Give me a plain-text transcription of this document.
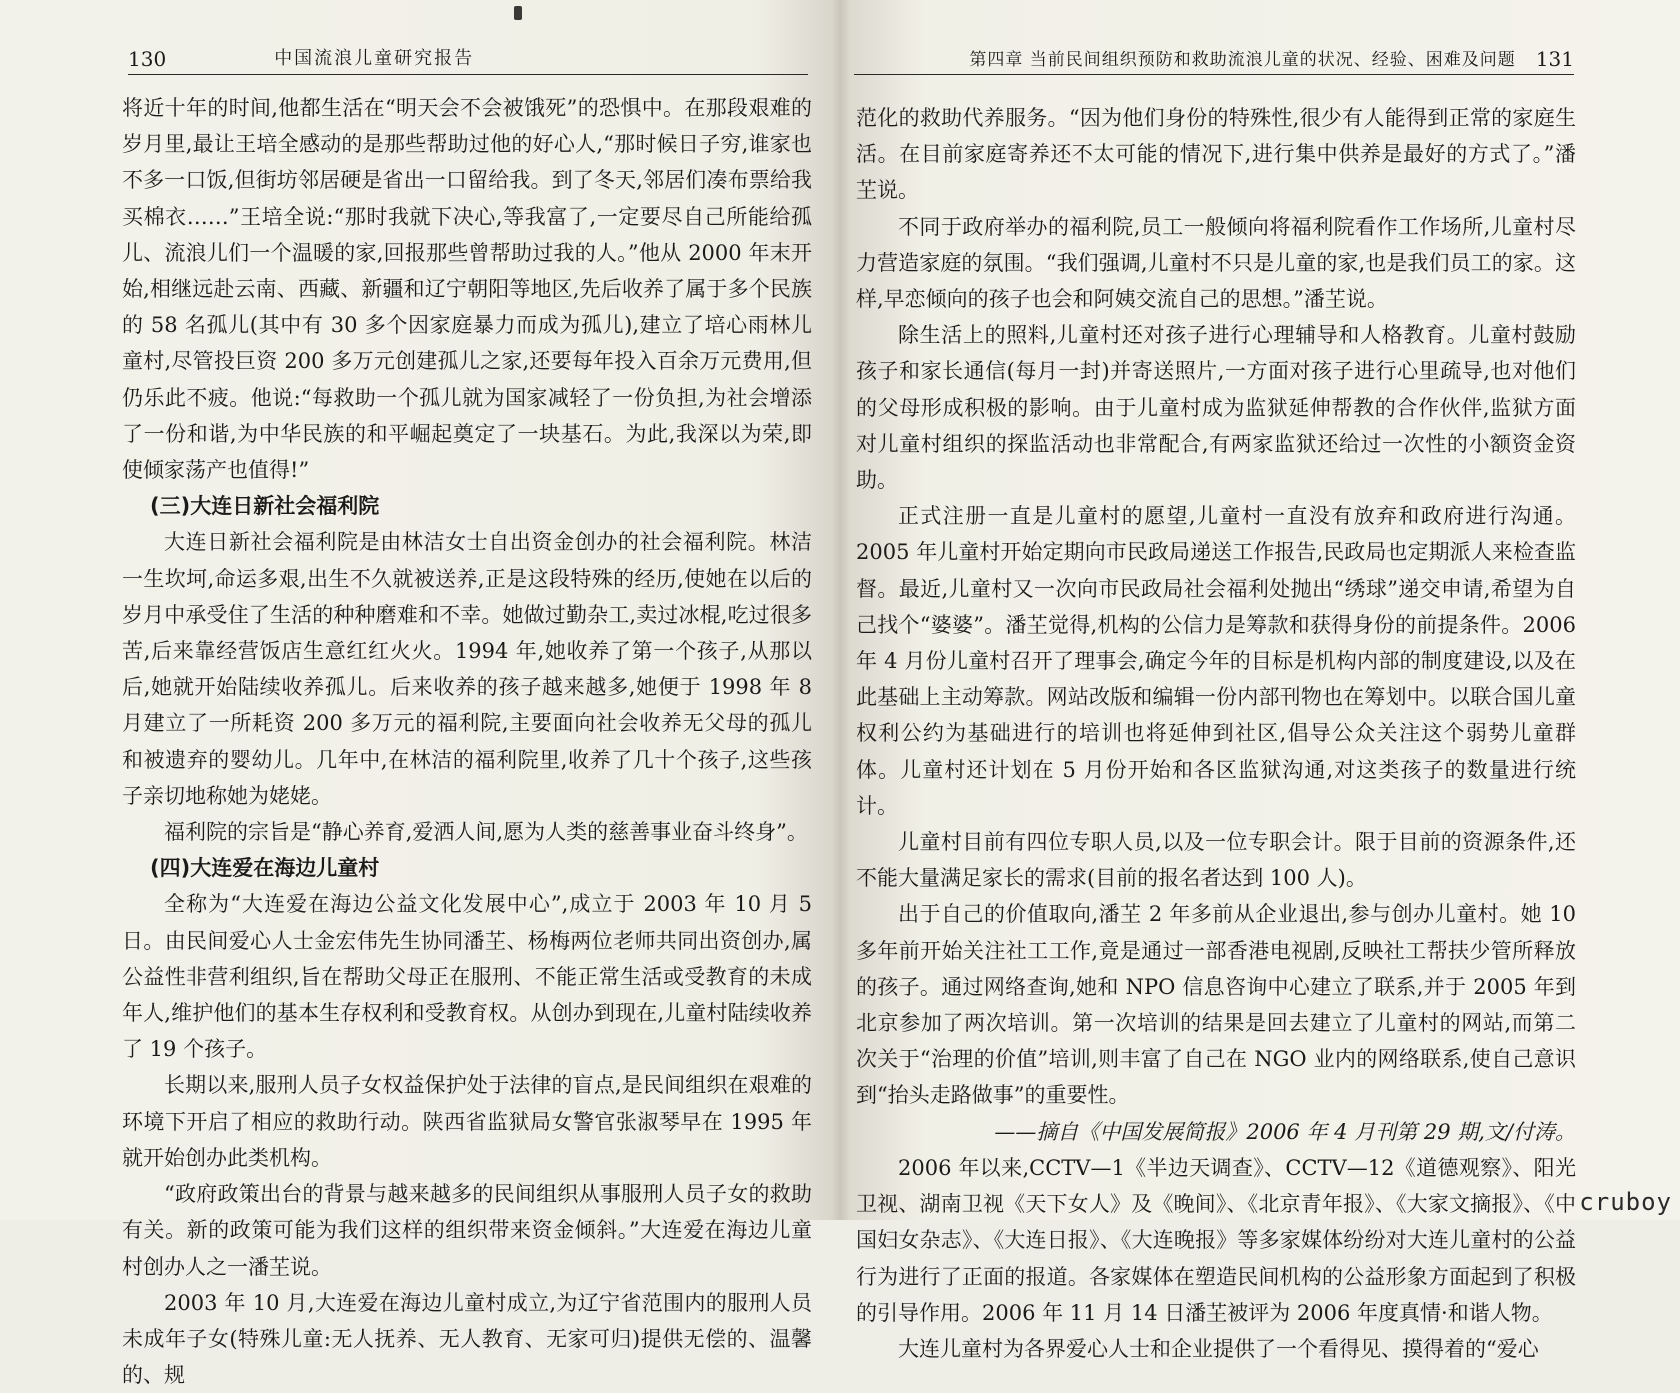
130	中国流浪儿童研究报告

将近十年的时间,他都生活在“明天会不会被饿死”的恐惧中。在那段艰难的岁月里,最让王培全感动的是那些帮助过他的好心人,“那时候日子穷,谁家也不多一口饭,但街坊邻居硬是省出一口留给我。到了冬天,邻居们凑布票给我买棉衣……”王培全说:“那时我就下决心,等我富了,一定要尽自己所能给孤儿、流浪儿们一个温暖的家,回报那些曾帮助过我的人。”他从 2000 年末开始,相继远赴云南、西藏、新疆和辽宁朝阳等地区,先后收养了属于多个民族的 58 名孤儿(其中有 30 多个因家庭暴力而成为孤儿),建立了培心雨林儿童村,尽管投巨资 200 多万元创建孤儿之家,还要每年投入百余万元费用,但仍乐此不疲。他说:“每救助一个孤儿就为国家减轻了一份负担,为社会增添了一份和谐,为中华民族的和平崛起奠定了一块基石。为此,我深以为荣,即使倾家荡产也值得!”

(三)大连日新社会福利院

大连日新社会福利院是由林洁女士自出资金创办的社会福利院。林洁一生坎坷,命运多艰,出生不久就被送养,正是这段特殊的经历,使她在以后的岁月中承受住了生活的种种磨难和不幸。她做过勤杂工,卖过冰棍,吃过很多苦,后来靠经营饭店生意红红火火。1994 年,她收养了第一个孩子,从那以后,她就开始陆续收养孤儿。后来收养的孩子越来越多,她便于 1998 年 8 月建立了一所耗资 200 多万元的福利院,主要面向社会收养无父母的孤儿和被遗弃的婴幼儿。几年中,在林洁的福利院里,收养了几十个孩子,这些孩子亲切地称她为姥姥。

福利院的宗旨是“静心养育,爱洒人间,愿为人类的慈善事业奋斗终身”。

(四)大连爱在海边儿童村

全称为“大连爱在海边公益文化发展中心”,成立于 2003 年 10 月 5 日。由民间爱心人士金宏伟先生协同潘芏、杨梅两位老师共同出资创办,属公益性非营利组织,旨在帮助父母正在服刑、不能正常生活或受教育的未成年人,维护他们的基本生存权利和受教育权。从创办到现在,儿童村陆续收养了 19 个孩子。

长期以来,服刑人员子女权益保护处于法律的盲点,是民间组织在艰难的环境下开启了相应的救助行动。陕西省监狱局女警官张淑琴早在 1995 年就开始创办此类机构。

“政府政策出台的背景与越来越多的民间组织从事服刑人员子女的救助有关。新的政策可能为我们这样的组织带来资金倾斜。”大连爱在海边儿童村创办人之一潘芏说。

2003 年 10 月,大连爱在海边儿童村成立,为辽宁省范围内的服刑人员未成年子女(特殊儿童:无人抚养、无人教育、无家可归)提供无偿的、温馨的、规

第四章 当前民间组织预防和救助流浪儿童的状况、经验、困难及问题 131

范化的救助代养服务。“因为他们身份的特殊性,很少有人能得到正常的家庭生活。在目前家庭寄养还不太可能的情况下,进行集中供养是最好的方式了。”潘芏说。

不同于政府举办的福利院,员工一般倾向将福利院看作工作场所,儿童村尽力营造家庭的氛围。“我们强调,儿童村不只是儿童的家,也是我们员工的家。这样,早恋倾向的孩子也会和阿姨交流自己的思想。”潘芏说。

除生活上的照料,儿童村还对孩子进行心理辅导和人格教育。儿童村鼓励孩子和家长通信(每月一封)并寄送照片,一方面对孩子进行心里疏导,也对他们的父母形成积极的影响。由于儿童村成为监狱延伸帮教的合作伙伴,监狱方面对儿童村组织的探监活动也非常配合,有两家监狱还给过一次性的小额资金资助。

正式注册一直是儿童村的愿望,儿童村一直没有放弃和政府进行沟通。2005 年儿童村开始定期向市民政局递送工作报告,民政局也定期派人来检查监督。最近,儿童村又一次向市民政局社会福利处抛出“绣球”递交申请,希望为自己找个“婆婆”。潘芏觉得,机构的公信力是筹款和获得身份的前提条件。2006 年 4 月份儿童村召开了理事会,确定今年的目标是机构内部的制度建设,以及在此基础上主动筹款。网站改版和编辑一份内部刊物也在筹划中。以联合国儿童权利公约为基础进行的培训也将延伸到社区,倡导公众关注这个弱势儿童群体。儿童村还计划在 5 月份开始和各区监狱沟通,对这类孩子的数量进行统计。

儿童村目前有四位专职人员,以及一位专职会计。限于目前的资源条件,还不能大量满足家长的需求(目前的报名者达到 100 人)。

出于自己的价值取向,潘芏 2 年多前从企业退出,参与创办儿童村。她 10 多年前开始关注社工工作,竟是通过一部香港电视剧,反映社工帮扶少管所释放的孩子。通过网络查询,她和 NPO 信息咨询中心建立了联系,并于 2005 年到北京参加了两次培训。第一次培训的结果是回去建立了儿童村的网站,而第二次关于“治理的价值”培训,则丰富了自己在 NGO 业内的网络联系,使自己意识到“抬头走路做事”的重要性。

——摘自《中国发展简报》2006 年 4 月刊第 29 期,文/付涛。

2006 年以来,CCTV—1《半边天调查》、CCTV—12《道德观察》、阳光卫视、湖南卫视《天下女人》及《晚间》、《北京青年报》、《大家文摘报》、《中国妇女杂志》、《大连日报》、《大连晚报》等多家媒体纷纷对大连儿童村的公益行为进行了正面的报道。各家媒体在塑造民间机构的公益形象方面起到了积极的引导作用。2006 年 11 月 14 日潘芏被评为 2006 年度真情·和谐人物。

大连儿童村为各界爱心人士和企业提供了一个看得见、摸得着的“爱心

cruboy
